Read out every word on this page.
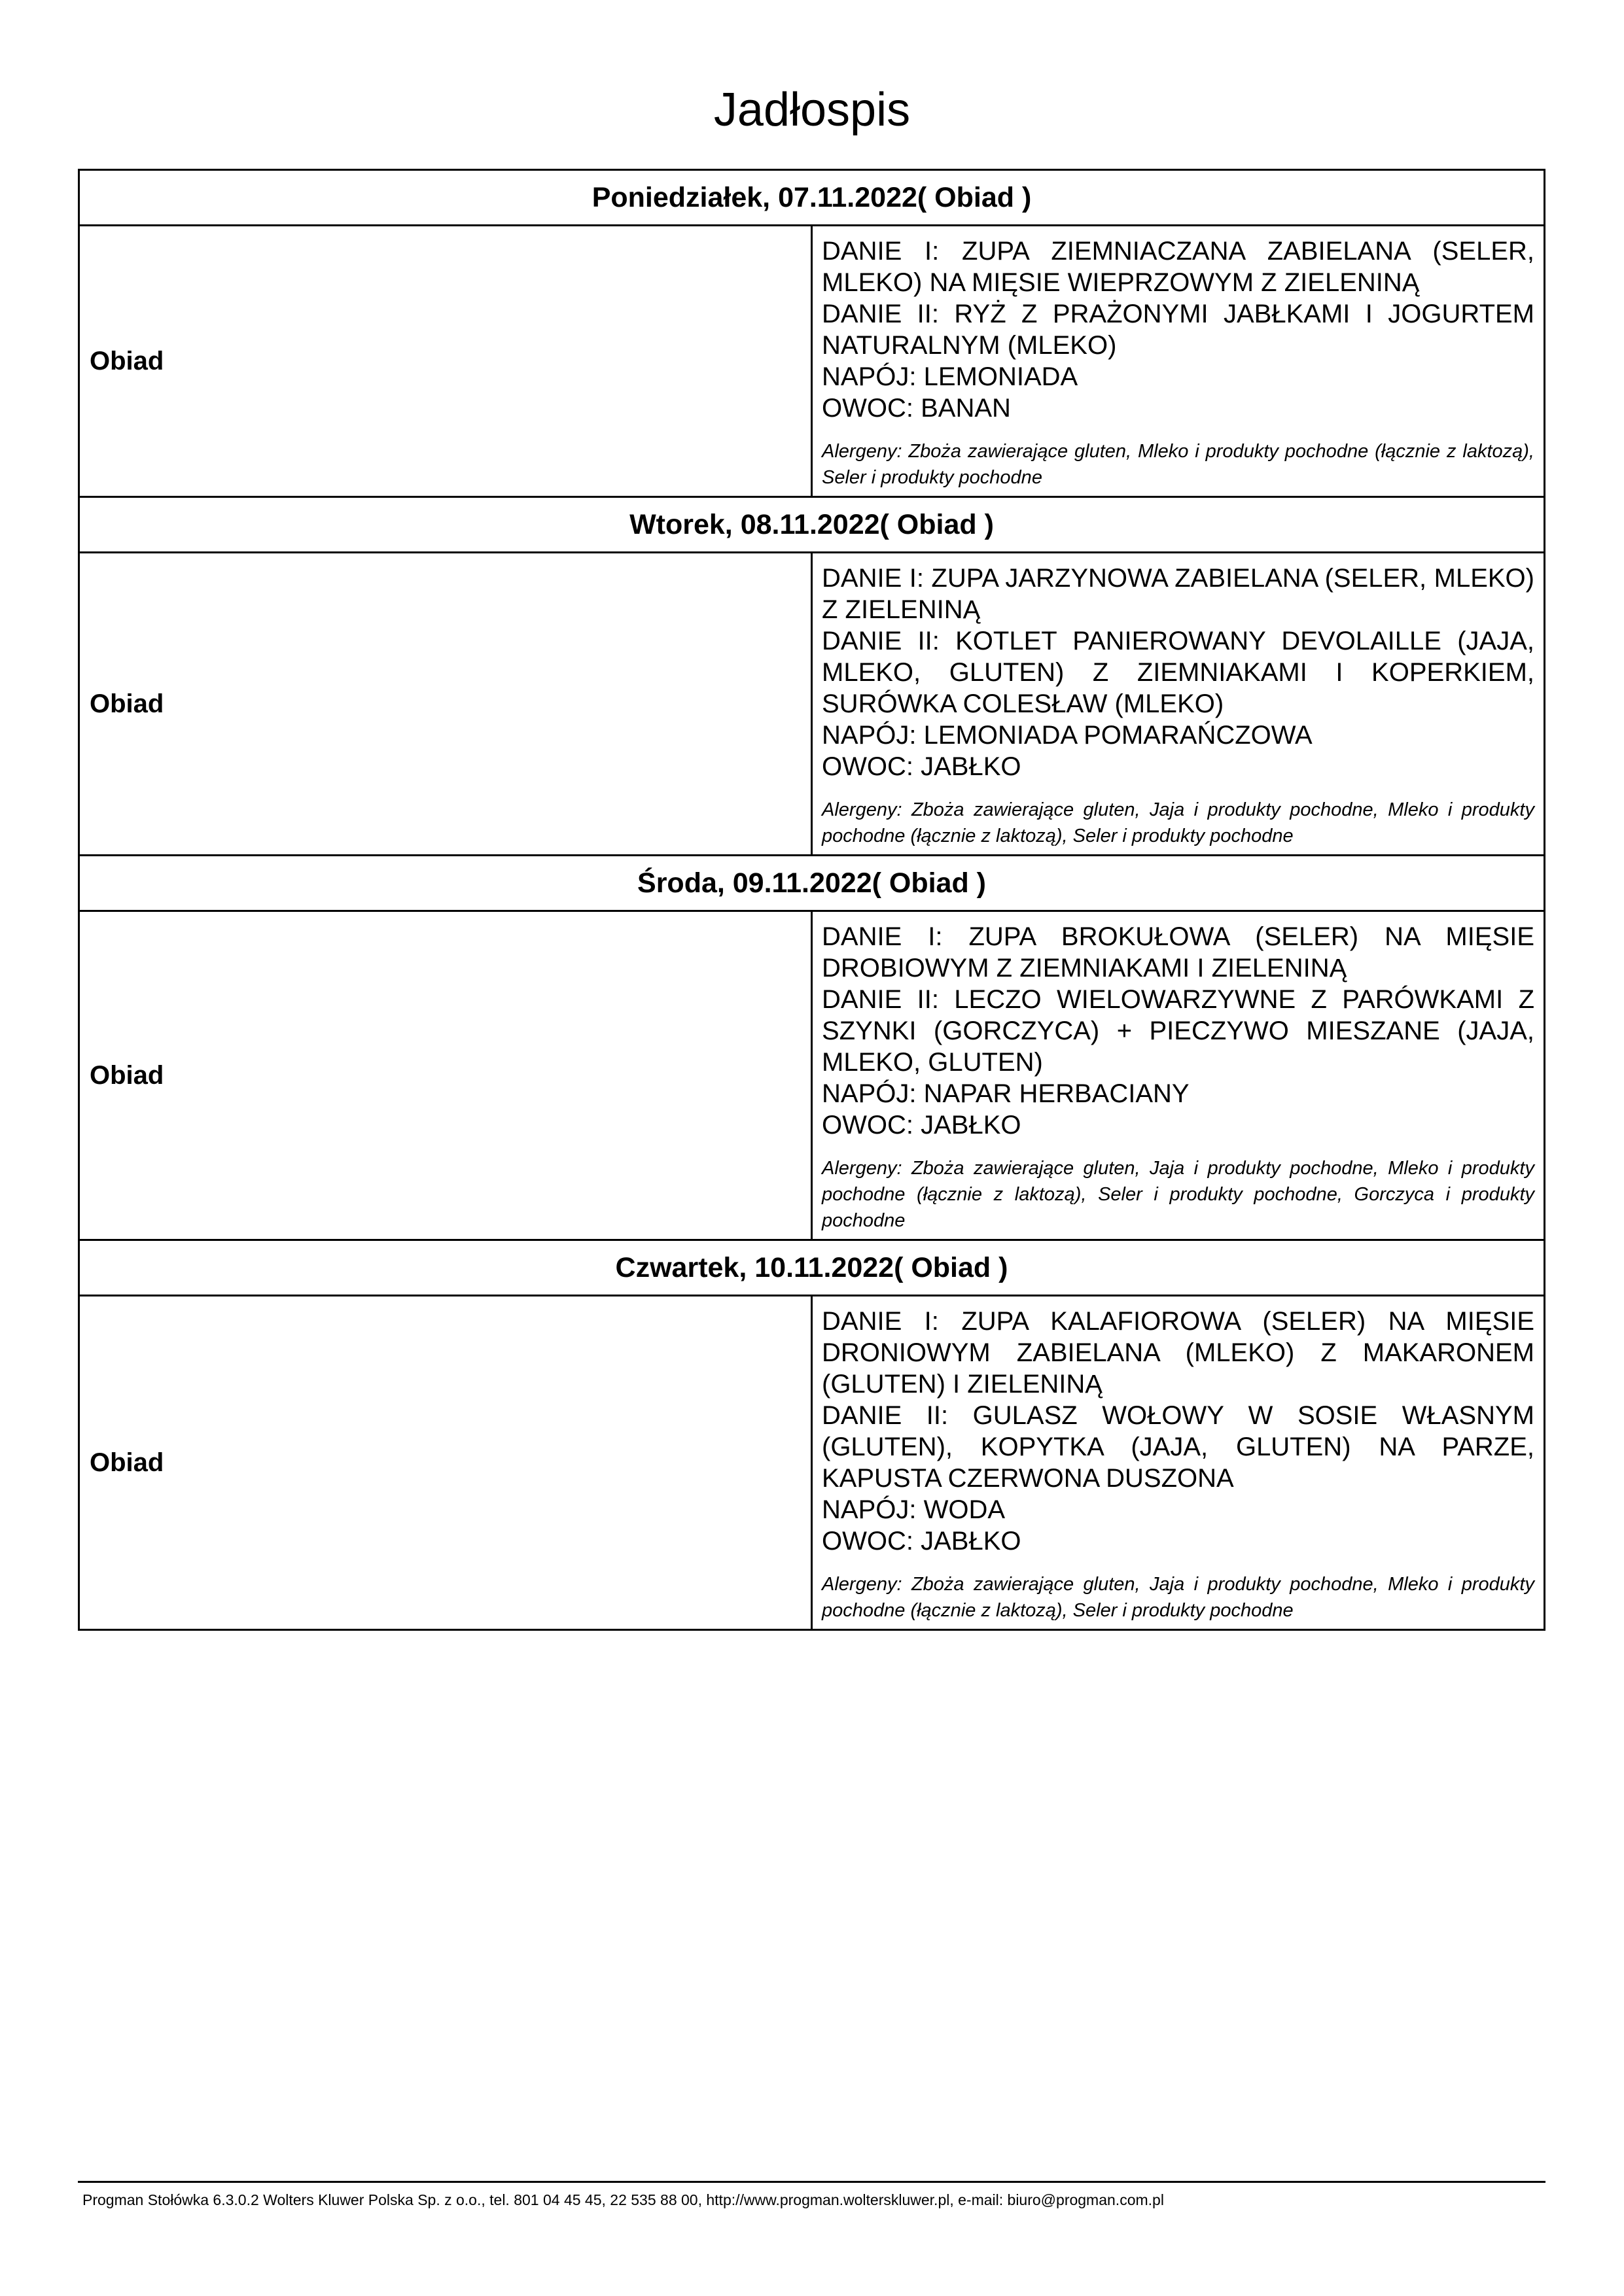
Jadłospis
Poniedziałek, 07.11.2022( Obiad )	
Obiad	DANIE I: ZUPA ZIEMNIACZANA ZABIELANA (SELER, MLEKO) NA MIĘSIE WIEPRZOWYM Z ZIELENINĄ

DANIE II: RYŻ Z PRAŻONYMI JABŁKAMI I JOGURTEM NATURALNYM (MLEKO)

NAPÓJ: LEMONIADA

OWOC: BANAN

Alergeny: Zboża zawierające gluten, Mleko i produkty pochodne (łącznie z laktozą), Seler i produkty pochodne

Wtorek, 08.11.2022( Obiad )	
Obiad	DANIE I: ZUPA JARZYNOWA ZABIELANA (SELER, MLEKO) Z ZIELENINĄ

DANIE II: KOTLET PANIEROWANY DEVOLAILLE (JAJA, MLEKO, GLUTEN) Z ZIEMNIAKAMI I KOPERKIEM, SURÓWKA COLESŁAW (MLEKO)

NAPÓJ: LEMONIADA POMARAŃCZOWA

OWOC: JABŁKO

Alergeny: Zboża zawierające gluten, Jaja i produkty pochodne, Mleko i produkty pochodne (łącznie z laktozą), Seler i produkty pochodne

Środa, 09.11.2022( Obiad )	
Obiad	DANIE I: ZUPA BROKUŁOWA (SELER) NA MIĘSIE DROBIOWYM Z ZIEMNIAKAMI I ZIELENINĄ

DANIE II: LECZO WIELOWARZYWNE Z PARÓWKAMI Z SZYNKI (GORCZYCA) + PIECZYWO MIESZANE (JAJA, MLEKO, GLUTEN)

NAPÓJ: NAPAR HERBACIANY

OWOC: JABŁKO

Alergeny: Zboża zawierające gluten, Jaja i produkty pochodne, Mleko i produkty pochodne (łącznie z laktozą), Seler i produkty pochodne, Gorczyca i produkty pochodne

Czwartek, 10.11.2022( Obiad )	
Obiad	DANIE I: ZUPA KALAFIOROWA (SELER) NA MIĘSIE DRONIOWYM ZABIELANA (MLEKO) Z MAKARONEM (GLUTEN) I ZIELENINĄ

DANIE II: GULASZ WOŁOWY W SOSIE WŁASNYM (GLUTEN), KOPYTKA (JAJA, GLUTEN) NA PARZE, KAPUSTA CZERWONA DUSZONA

NAPÓJ: WODA

OWOC: JABŁKO

Alergeny: Zboża zawierające gluten, Jaja i produkty pochodne, Mleko i produkty pochodne (łącznie z laktozą), Seler i produkty pochodne

Progman Stołówka 6.3.0.2 Wolters Kluwer Polska Sp. z o.o., tel. 801 04 45 45, 22 535 88 00, http://www.progman.wolterskluwer.pl, e-mail: biuro@progman.com.pl
